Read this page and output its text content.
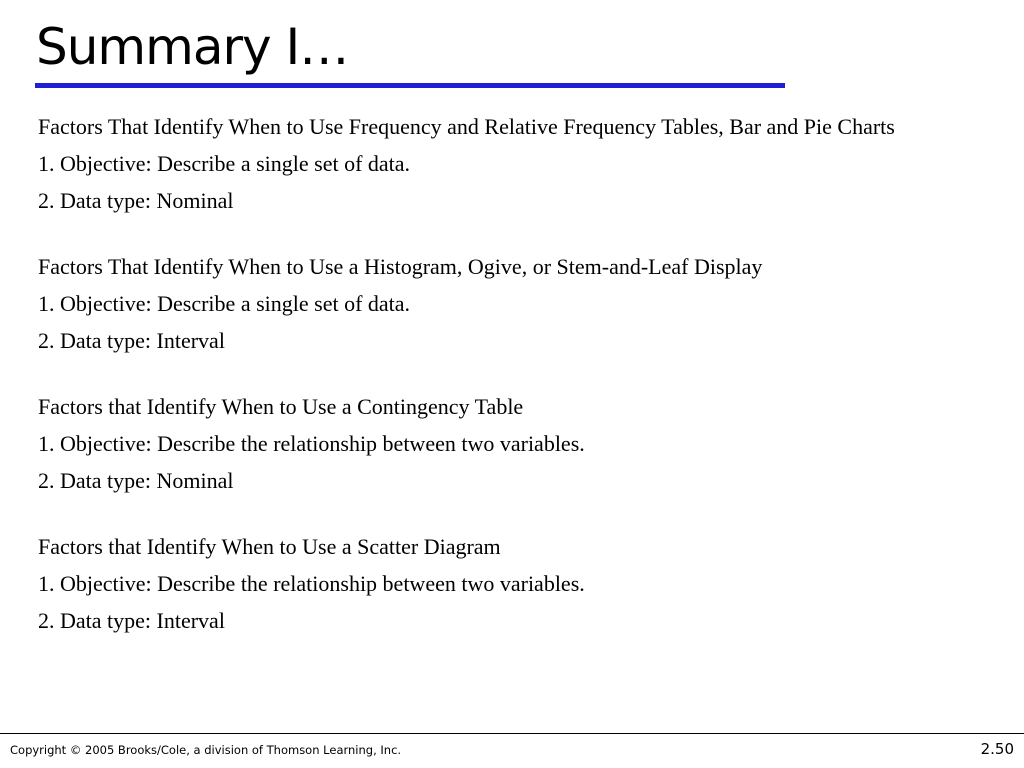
Summary I…

Factors That Identify When to Use Frequency and Relative Frequency Tables, Bar and Pie Charts

1. Objective: Describe a single set of data.

2. Data type: Nominal

Factors That Identify When to Use a Histogram, Ogive, or Stem-and-Leaf Display

1. Objective: Describe a single set of data.

2. Data type: Interval

Factors that Identify When to Use a Contingency Table

1. Objective: Describe the relationship between two variables.

2. Data type: Nominal

Factors that Identify When to Use a Scatter Diagram

1. Objective: Describe the relationship between two variables.

2. Data type: Interval

Copyright © 2005 Brooks/Cole, a division of Thomson Learning, Inc.	2.50
